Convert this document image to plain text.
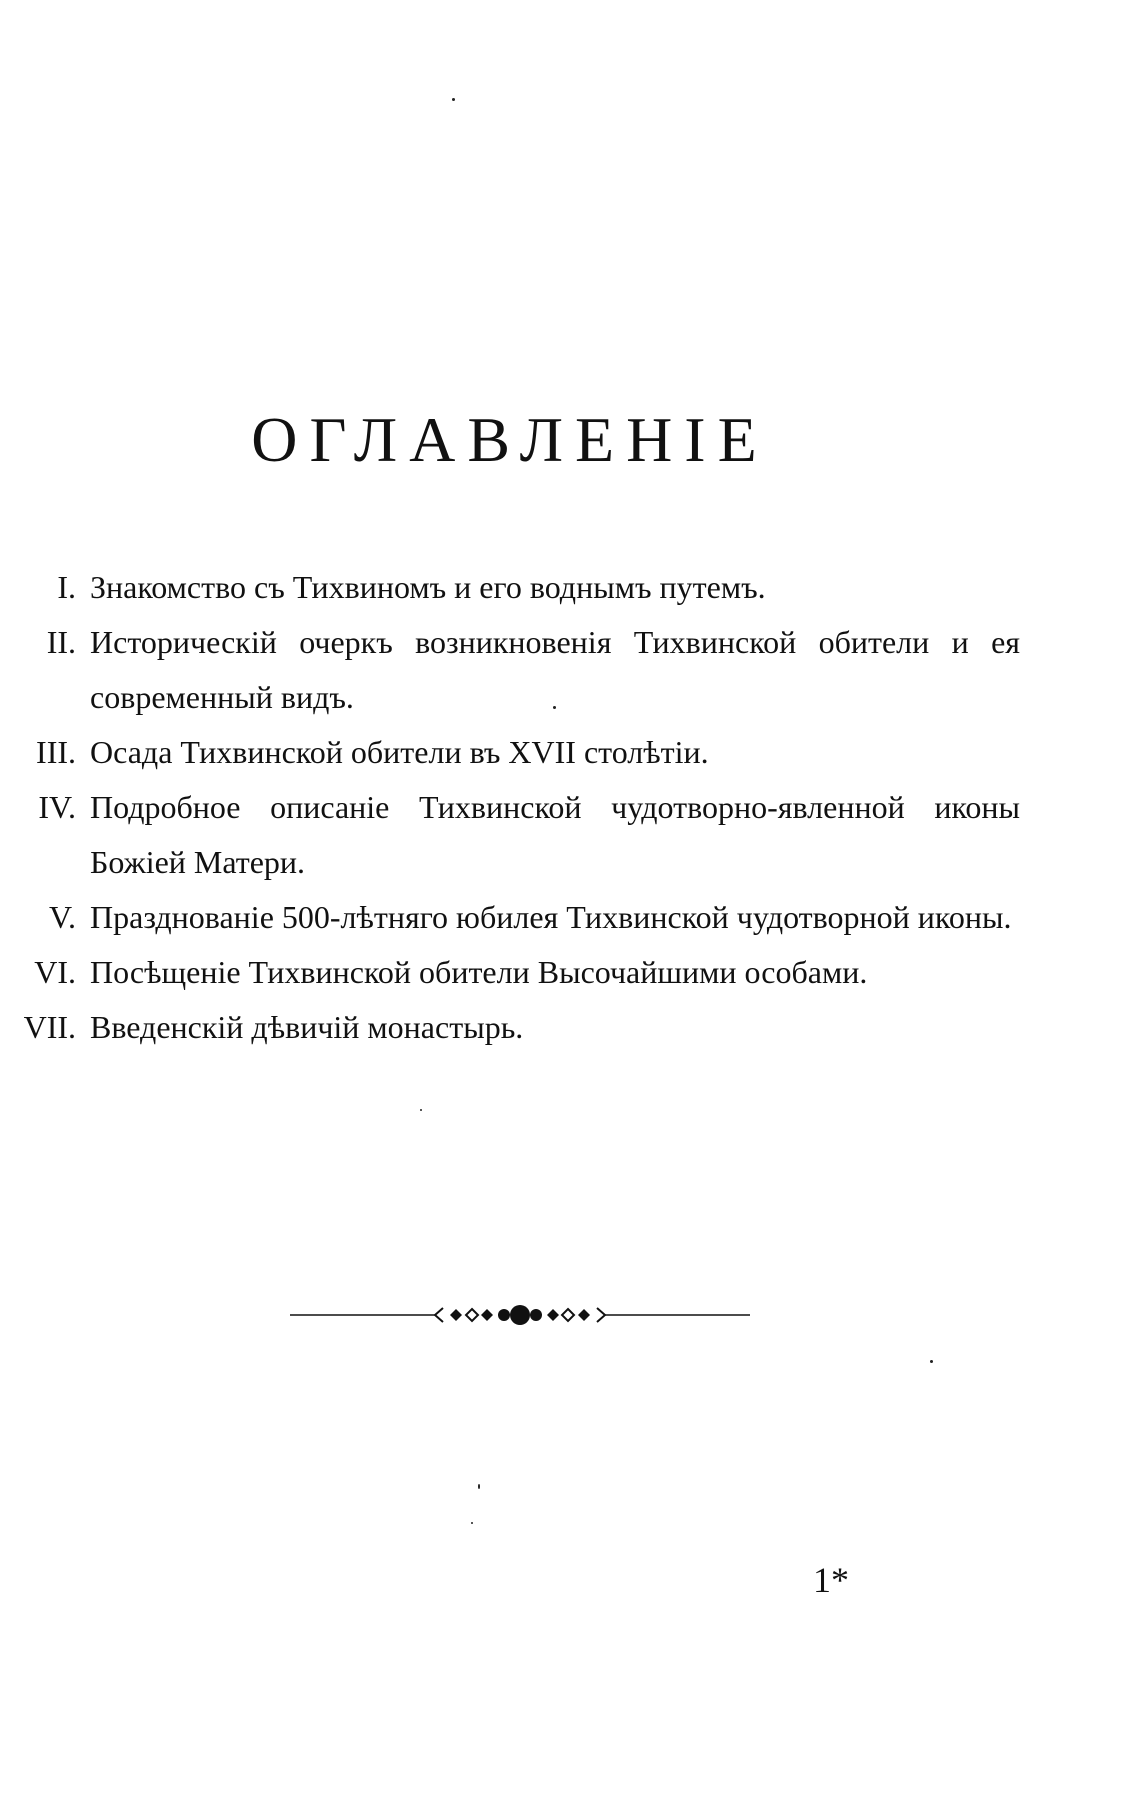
ОГЛАВЛЕНІЕ
I. Знакомство съ Тихвиномъ и его воднымъ путемъ.
II. Историческій очеркъ возникновенія Тихвинской обители и ея современный видъ.
III. Осада Тихвинской обители въ XVII столѣтіи.
IV. Подробное описаніе Тихвинской чудотворно-явленной иконы Божіей Матери.
V. Празднованіе 500-лѣтняго юбилея Тихвинской чудотворной иконы.
VI. Посѣщеніе Тихвинской обители Высочайшими особами.
VII. Введенскій дѣвичій монастырь.
1*
